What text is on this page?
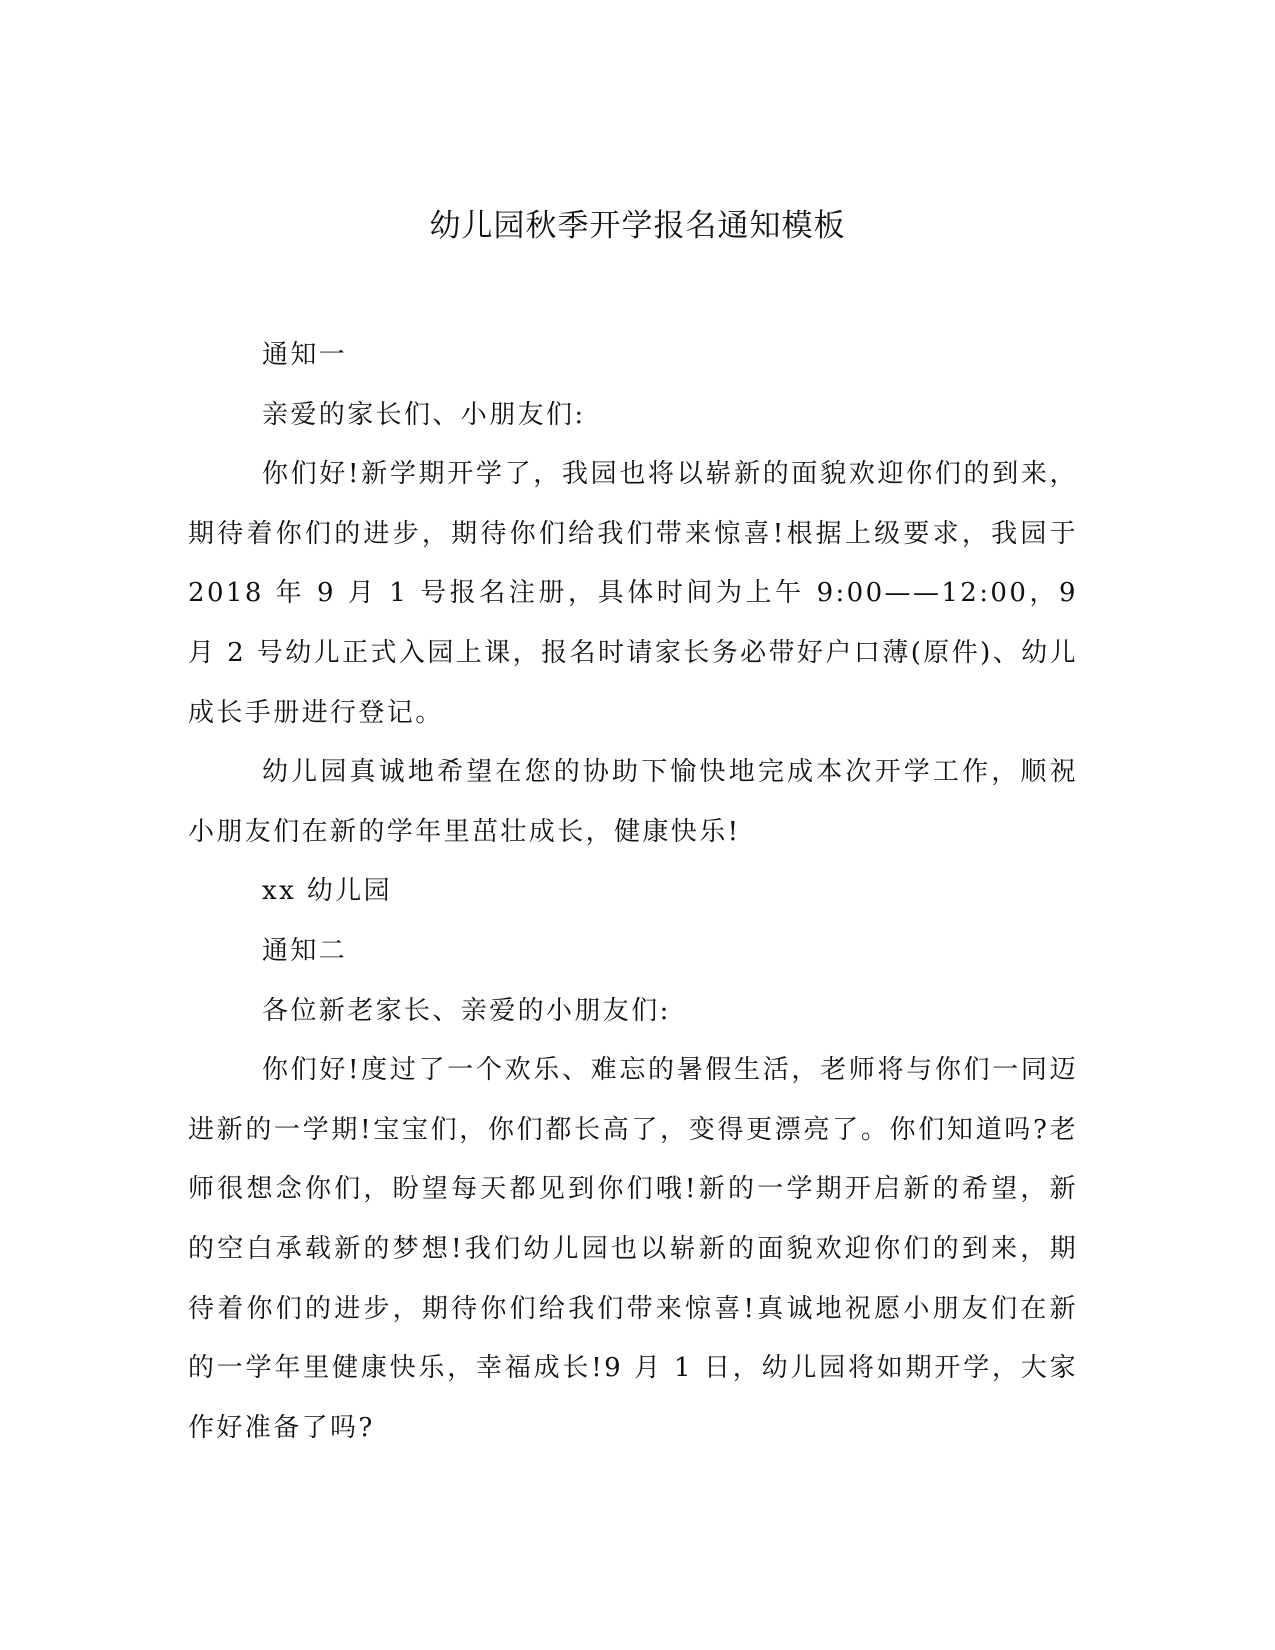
幼儿园秋季开学报名通知模板

通知一

亲爱的家长们、小朋友们:

你们好!新学期开学了，我园也将以崭新的面貌欢迎你们的到来，期待着你们的进步，期待你们给我们带来惊喜!根据上级要求，我园于 2018 年 9 月 1 号报名注册，具体时间为上午 9:00——12:00，9 月 2 号幼儿正式入园上课，报名时请家长务必带好户口薄(原件)、幼儿成长手册进行登记。

幼儿园真诚地希望在您的协助下愉快地完成本次开学工作，顺祝小朋友们在新的学年里茁壮成长，健康快乐!

xx 幼儿园

通知二

各位新老家长、亲爱的小朋友们:

你们好!度过了一个欢乐、难忘的暑假生活，老师将与你们一同迈进新的一学期!宝宝们，你们都长高了，变得更漂亮了。你们知道吗?老师很想念你们，盼望每天都见到你们哦!新的一学期开启新的希望，新的空白承载新的梦想!我们幼儿园也以崭新的面貌欢迎你们的到来，期待着你们的进步，期待你们给我们带来惊喜!真诚地祝愿小朋友们在新的一学年里健康快乐，幸福成长!9 月 1 日，幼儿园将如期开学，大家作好准备了吗?
